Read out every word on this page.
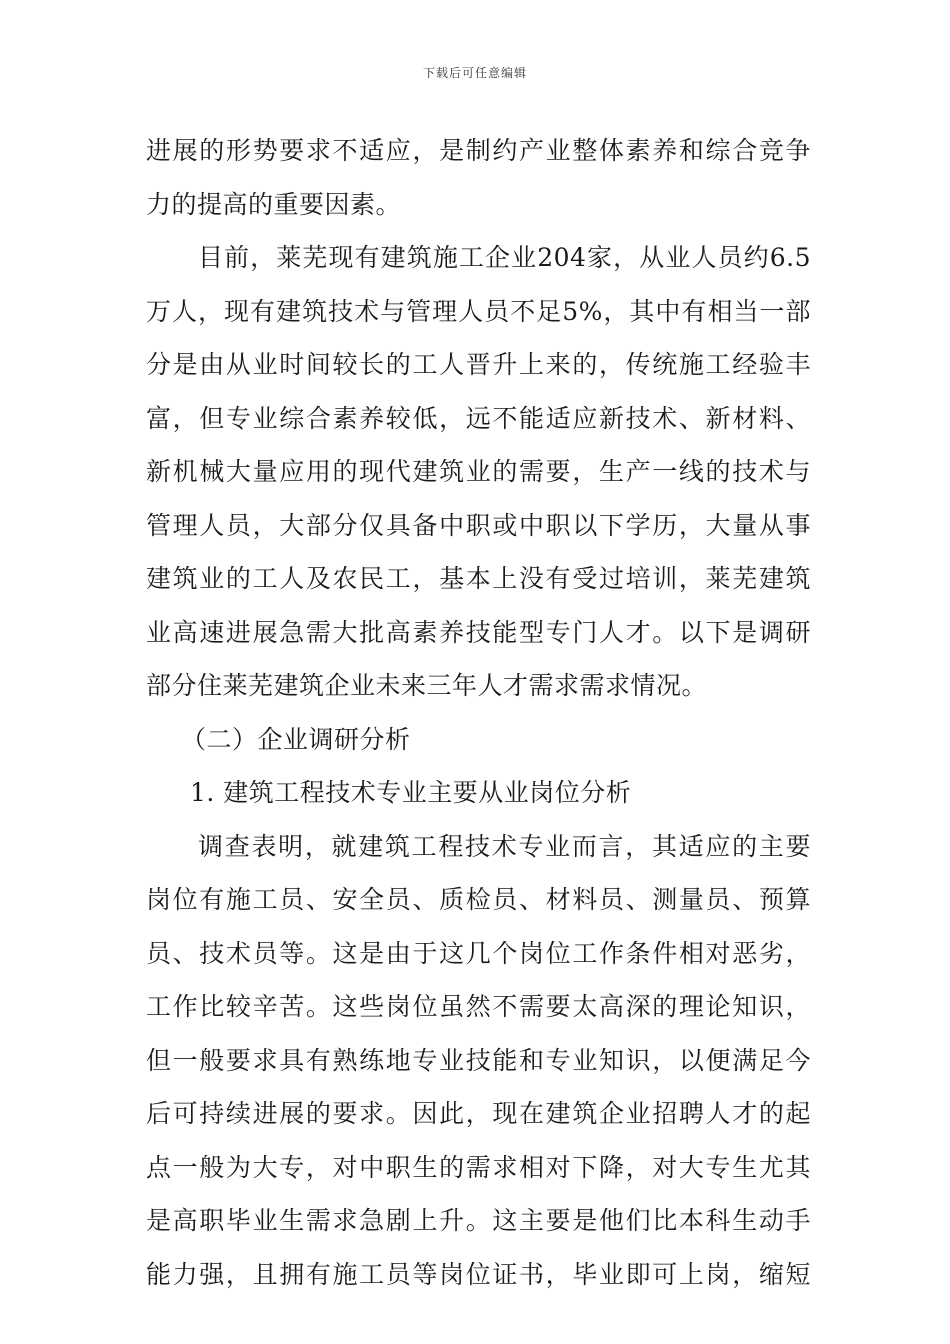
下载后可任意编辑
进展的形势要求不适应，是制约产业整体素养和综合竞争
力的提高的重要因素。
目前，莱芜现有建筑施工企业204家，从业人员约6.5
万人，现有建筑技术与管理人员不足5%，其中有相当一部
分是由从业时间较长的工人晋升上来的，传统施工经验丰
富，但专业综合素养较低，远不能适应新技术、新材料、
新机械大量应用的现代建筑业的需要，生产一线的技术与
管理人员，大部分仅具备中职或中职以下学历，大量从事
建筑业的工人及农民工，基本上没有受过培训，莱芜建筑
业高速进展急需大批高素养技能型专门人才。以下是调研
部分住莱芜建筑企业未来三年人才需求需求情况。
（二）企业调研分析
1. 建筑工程技术专业主要从业岗位分析
调查表明，就建筑工程技术专业而言，其适应的主要
岗位有施工员、安全员、质检员、材料员、测量员、预算
员、技术员等。这是由于这几个岗位工作条件相对恶劣，
工作比较辛苦。这些岗位虽然不需要太高深的理论知识，
但一般要求具有熟练地专业技能和专业知识，以便满足今
后可持续进展的要求。因此，现在建筑企业招聘人才的起
点一般为大专，对中职生的需求相对下降，对大专生尤其
是高职毕业生需求急剧上升。这主要是他们比本科生动手
能力强，且拥有施工员等岗位证书，毕业即可上岗，缩短
